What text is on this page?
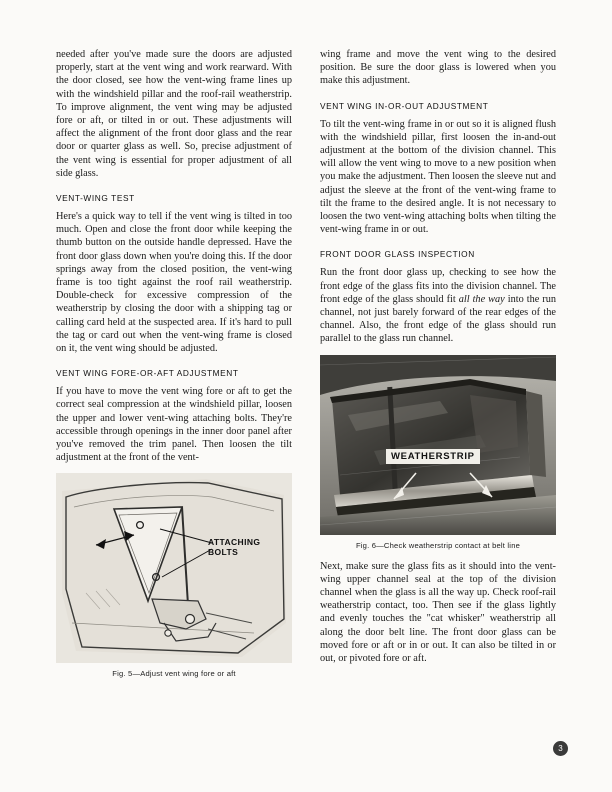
needed after you've made sure the doors are adjusted properly, start at the vent wing and work rearward. With the door closed, see how the vent-wing frame lines up with the windshield pillar and the roof-rail weatherstrip. To improve alignment, the vent wing may be adjusted fore or aft, or tilted in or out. These adjustments will affect the alignment of the front door glass and the rear door or quarter glass as well. So, precise adjustment of the vent wing is essential for proper adjustment of all side glass.

VENT-WING TEST

Here's a quick way to tell if the vent wing is tilted in too much. Open and close the front door while keeping the thumb button on the outside handle depressed. Have the front door glass down when you're doing this. If the door springs away from the closed position, the vent-wing frame is too tight against the roof rail weatherstrip. Double-check for excessive compression of the weatherstrip by closing the door with a shipping tag or calling card held at the suspected area. If it's hard to pull the tag or card out when the vent-wing frame is closed on it, the vent wing should be adjusted.

VENT WING FORE-OR-AFT ADJUSTMENT

If you have to move the vent wing fore or aft to get the correct seal compression at the windshield pillar, loosen the upper and lower vent-wing attaching bolts. They're accessible through openings in the inner door panel after you've removed the trim panel. Then loosen the tilt adjustment at the front of the vent-

ATTACHING BOLTS
Fig. 5—Adjust vent wing fore or aft

wing frame and move the vent wing to the desired position. Be sure the door glass is lowered when you make this adjustment.

VENT WING IN-OR-OUT ADJUSTMENT

To tilt the vent-wing frame in or out so it is aligned flush with the windshield pillar, first loosen the in-and-out adjustment at the bottom of the division channel. This will allow the vent wing to move to a new position when you make the adjustment. Then loosen the sleeve nut and adjust the sleeve at the front of the vent-wing frame to tilt the frame to the desired angle. It is not necessary to loosen the two vent-wing attaching bolts when tilting the vent-wing frame in or out.

FRONT DOOR GLASS INSPECTION

Run the front door glass up, checking to see how the front edge of the glass fits into the division channel. The front edge of the glass should fit all the way into the run channel, not just barely forward of the rear edges of the channel. Also, the front edge of the glass should run parallel to the glass run channel.

WEATHERSTRIP
Fig. 6—Check weatherstrip contact at belt line

Next, make sure the glass fits as it should into the vent-wing upper channel seal at the top of the division channel when the glass is all the way up. Check roof-rail weatherstrip contact, too. Then see if the glass lightly and evenly touches the "cat whisker" weatherstrip all along the door belt line. The front door glass can be moved fore or aft or in or out. It can also be tilted in or out, or pivoted fore or aft.

3
